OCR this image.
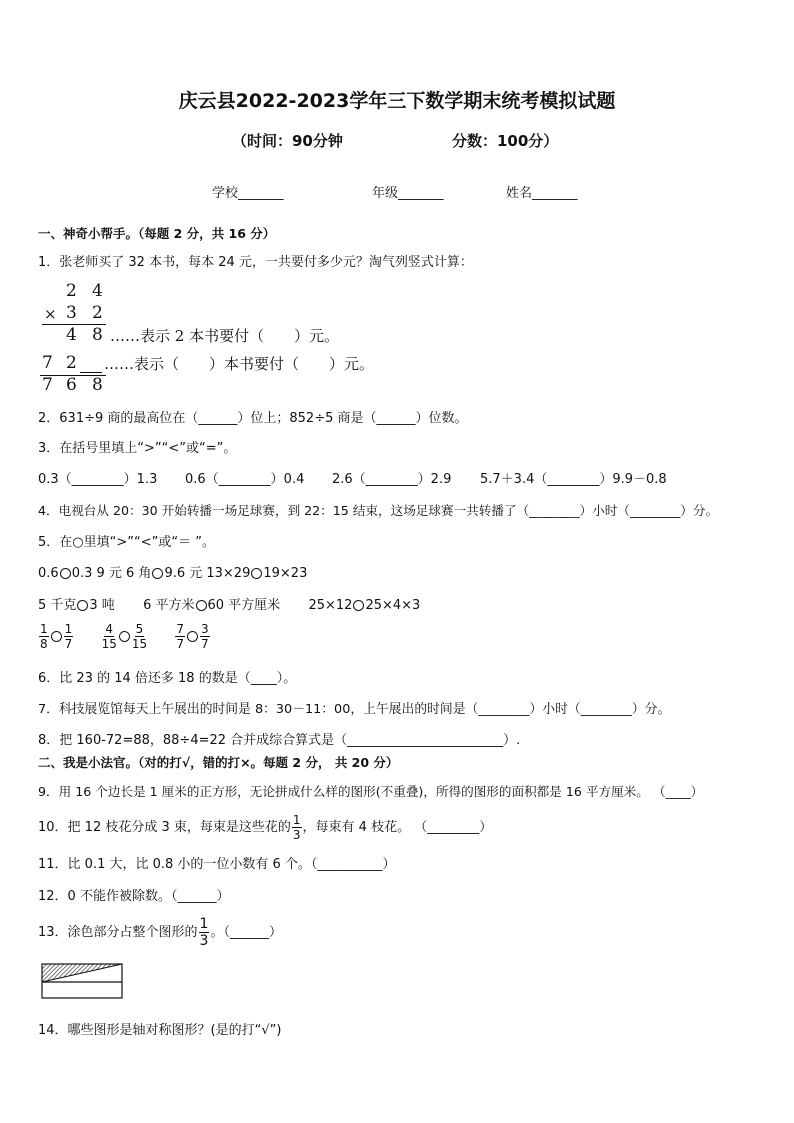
庆云县2022-2023学年三下数学期末统考模拟试题
（时间：90分钟	分数：100分）
学校_______	年级_______	姓名_______
一、神奇小帮手。（每题 2 分，共 16 分）
1．张老师买了 32 本书，每本 24 元，一共要付多少元？淘气列竖式计算：
2 4
× 3 2
4 8 ……表示 2 本书要付（　　）元。
7 2 ……表示（　　）本书要付（　　）元。
7 6 8
2．631÷9 商的最高位在（______）位上；852÷5 商是（______）位数。
3．在括号里填上“>”“<”或“=”。
0.3（________）1.3 0.6（________）0.4 2.6（________）2.9 5.7＋3.4（________）9.9－0.8
4．电视台从 20：30 开始转播一场足球赛，到 22：15 结束，这场足球赛一共转播了（________）小时（________）分。
5．在○里填“>”“<”或“＝ ”。
0.6 0.3 9 元 6 角 9.6 元 13×29 19×23
5 千克 3 吨 6 平方米 60 平方厘米 25×12 25×4×3
$\frac{1}{8} \frac{1}{7}$
$\frac{4}{15} \frac{5}{15}$
$\frac{7}{7} \frac{3}{7}$
6．比 23 的 14 倍还多 18 的数是（____）。
7．科技展览馆每天上午展出的时间是 8：30－11：00，上午展出的时间是（________）小时（________）分。
8．把 160-72=88，88÷4=22 合并成综合算式是（________________________）.
二、我是小法官。（对的打√，错的打×。每题 2 分， 共 20 分）
9．用 16 个边长是 1 厘米的正方形，无论拼成什么样的图形(不重叠)，所得的图形的面积都是 16 平方厘米。 （____）
10．把 12 枝花分成 3 束，每束是这些花的 $\frac{1}{3}$ ，每束有 4 枝花。 （________）
11．比 0.1 大，比 0.8 小的一位小数有 6 个。（__________）
12．0 不能作被除数。（______）
13．涂色部分占整个图形的 $\frac{1}{3}$ 。（______）
14．哪些图形是轴对称图形？(是的打“√”)
